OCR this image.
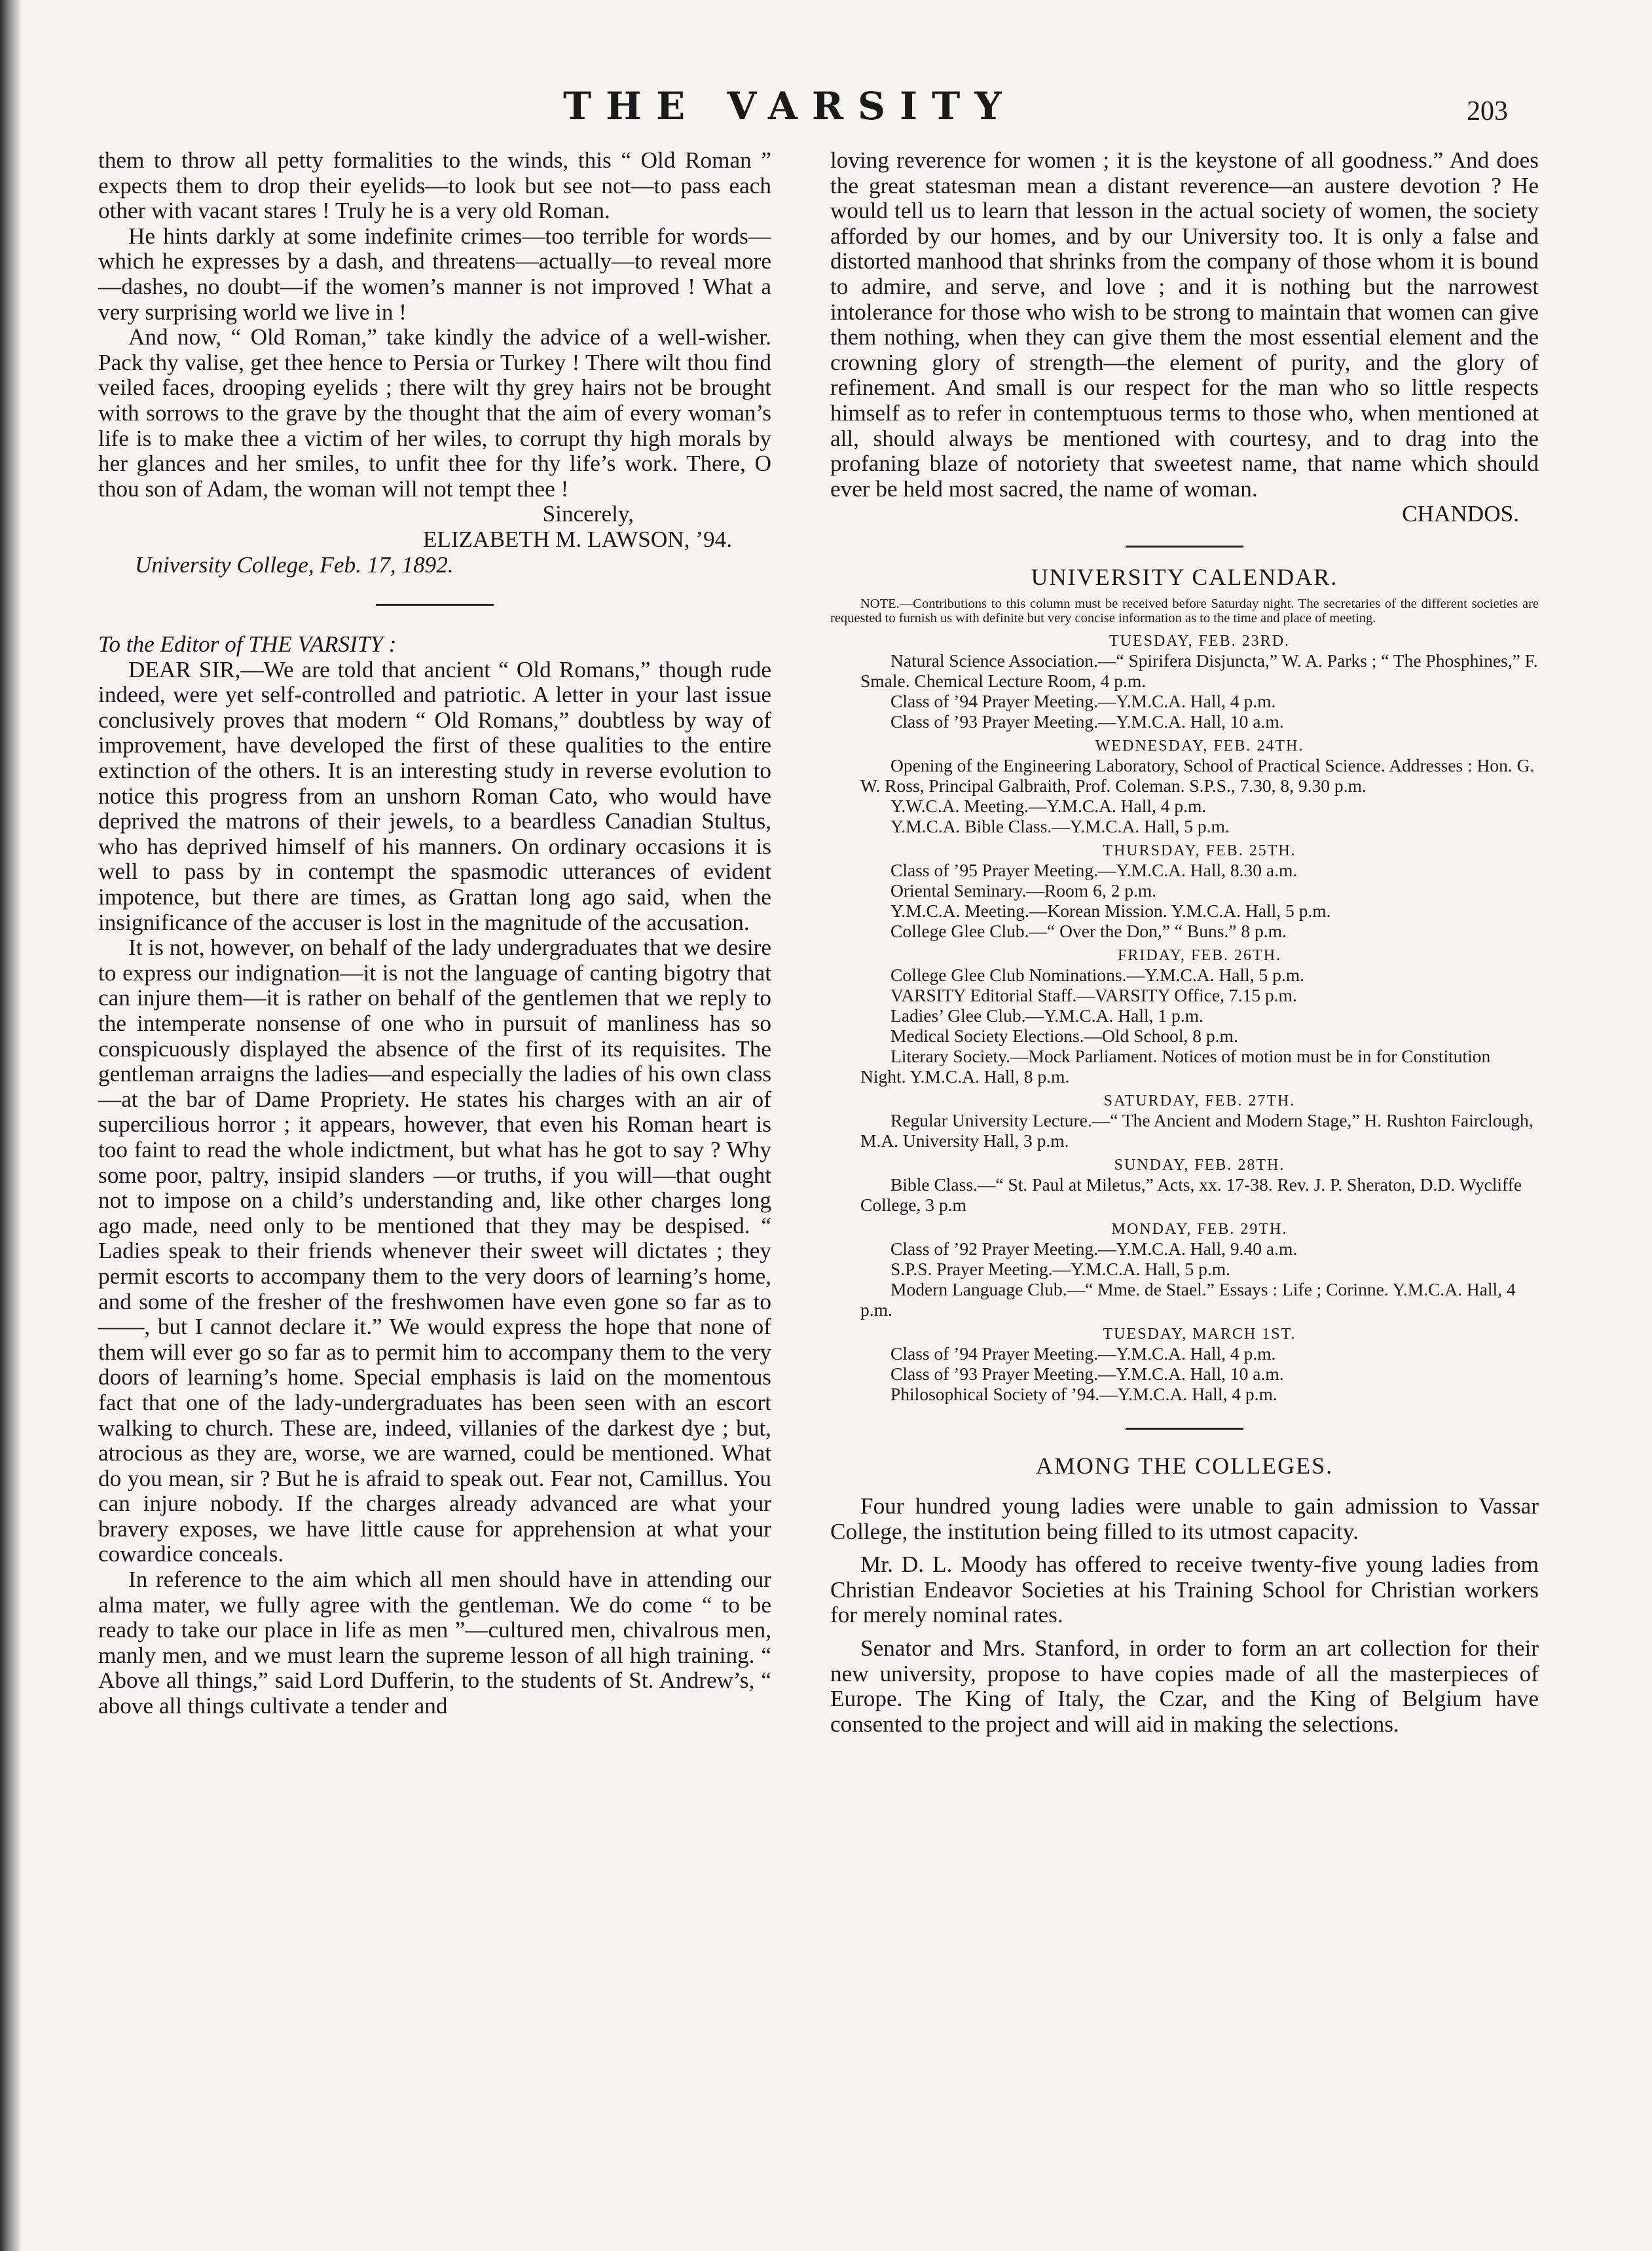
THE VARSITY	203

them to throw all petty formalities to the winds, this “ Old Roman ” expects them to drop their eyelids—to look but see not—to pass each other with vacant stares ! Truly he is a very old Roman.

He hints darkly at some indefinite crimes—too terrible for words—which he expresses by a dash, and threatens—actually—to reveal more—dashes, no doubt—if the women’s manner is not improved ! What a very surprising world we live in !

And now, “ Old Roman,” take kindly the advice of a well-wisher. Pack thy valise, get thee hence to Persia or Turkey ! There wilt thou find veiled faces, drooping eyelids ; there wilt thy grey hairs not be brought with sorrows to the grave by the thought that the aim of every woman’s life is to make thee a victim of her wiles, to corrupt thy high morals by her glances and her smiles, to unfit thee for thy life’s work. There, O thou son of Adam, the woman will not tempt thee !

Sincerely,
ELIZABETH M. LAWSON, ’94.
University College, Feb. 17, 1892.

To the Editor of THE VARSITY :

DEAR SIR,—We are told that ancient “ Old Romans,” though rude indeed, were yet self-controlled and patriotic. A letter in your last issue conclusively proves that modern “ Old Romans,” doubtless by way of improvement, have developed the first of these qualities to the entire extinction of the others. It is an interesting study in reverse evolution to notice this progress from an unshorn Roman Cato, who would have deprived the matrons of their jewels, to a beardless Canadian Stultus, who has deprived himself of his manners. On ordinary occasions it is well to pass by in contempt the spasmodic utterances of evident impotence, but there are times, as Grattan long ago said, when the insignificance of the accuser is lost in the magnitude of the accusation.

It is not, however, on behalf of the lady undergraduates that we desire to express our indignation—it is not the language of canting bigotry that can injure them—it is rather on behalf of the gentlemen that we reply to the intemperate nonsense of one who in pursuit of manliness has so conspicuously displayed the absence of the first of its requisites. The gentleman arraigns the ladies—and especially the ladies of his own class—at the bar of Dame Propriety. He states his charges with an air of supercilious horror ; it appears, however, that even his Roman heart is too faint to read the whole indictment, but what has he got to say ? Why some poor, paltry, insipid slanders —or truths, if you will—that ought not to impose on a child’s understanding and, like other charges long ago made, need only to be mentioned that they may be despised. “ Ladies speak to their friends whenever their sweet will dictates ; they permit escorts to accompany them to the very doors of learning’s home, and some of the fresher of the freshwomen have even gone so far as to ——, but I cannot declare it.” We would express the hope that none of them will ever go so far as to permit him to accompany them to the very doors of learning’s home. Special emphasis is laid on the momentous fact that one of the lady-undergraduates has been seen with an escort walking to church. These are, indeed, villanies of the darkest dye ; but, atrocious as they are, worse, we are warned, could be mentioned. What do you mean, sir ? But he is afraid to speak out. Fear not, Camillus. You can injure nobody. If the charges already advanced are what your bravery exposes, we have little cause for apprehension at what your cowardice conceals.

In reference to the aim which all men should have in attending our alma mater, we fully agree with the gentleman. We do come “ to be ready to take our place in life as men ”—cultured men, chivalrous men, manly men, and we must learn the supreme lesson of all high training. “ Above all things,” said Lord Dufferin, to the students of St. Andrew’s, “ above all things cultivate a tender and

loving reverence for women ; it is the keystone of all goodness.” And does the great statesman mean a distant reverence—an austere devotion ? He would tell us to learn that lesson in the actual society of women, the society afforded by our homes, and by our University too. It is only a false and distorted manhood that shrinks from the company of those whom it is bound to admire, and serve, and love ; and it is nothing but the narrowest intolerance for those who wish to be strong to maintain that women can give them nothing, when they can give them the most essential element and the crowning glory of strength—the element of purity, and the glory of refinement. And small is our respect for the man who so little respects himself as to refer in contemptuous terms to those who, when mentioned at all, should always be mentioned with courtesy, and to drag into the profaning blaze of notoriety that sweetest name, that name which should ever be held most sacred, the name of woman.

CHANDOS.
UNIVERSITY CALENDAR.

NOTE.—Contributions to this column must be received before Saturday night. The secretaries of the different societies are requested to furnish us with definite but very concise information as to the time and place of meeting.

TUESDAY, FEB. 23RD.

Natural Science Association.—“ Spirifera Disjuncta,” W. A. Parks ; “ The Phosphines,” F. Smale. Chemical Lecture Room, 4 p.m.

Class of ’94 Prayer Meeting.—Y.M.C.A. Hall, 4 p.m.

Class of ’93 Prayer Meeting.—Y.M.C.A. Hall, 10 a.m.

WEDNESDAY, FEB. 24TH.

Opening of the Engineering Laboratory, School of Practical Science. Addresses : Hon. G. W. Ross, Principal Galbraith, Prof. Coleman. S.P.S., 7.30, 8, 9.30 p.m.

Y.W.C.A. Meeting.—Y.M.C.A. Hall, 4 p.m.

Y.M.C.A. Bible Class.—Y.M.C.A. Hall, 5 p.m.

THURSDAY, FEB. 25TH.

Class of ’95 Prayer Meeting.—Y.M.C.A. Hall, 8.30 a.m.

Oriental Seminary.—Room 6, 2 p.m.

Y.M.C.A. Meeting.—Korean Mission. Y.M.C.A. Hall, 5 p.m.

College Glee Club.—“ Over the Don,” “ Buns.” 8 p.m.

FRIDAY, FEB. 26TH.

College Glee Club Nominations.—Y.M.C.A. Hall, 5 p.m.

VARSITY Editorial Staff.—VARSITY Office, 7.15 p.m.

Ladies’ Glee Club.—Y.M.C.A. Hall, 1 p.m.

Medical Society Elections.—Old School, 8 p.m.

Literary Society.—Mock Parliament. Notices of motion must be in for Constitution Night. Y.M.C.A. Hall, 8 p.m.

SATURDAY, FEB. 27TH.

Regular University Lecture.—“ The Ancient and Modern Stage,” H. Rushton Fairclough, M.A. University Hall, 3 p.m.

SUNDAY, FEB. 28TH.

Bible Class.—“ St. Paul at Miletus,” Acts, xx. 17-38. Rev. J. P. Sheraton, D.D. Wycliffe College, 3 p.m

MONDAY, FEB. 29TH.

Class of ’92 Prayer Meeting.—Y.M.C.A. Hall, 9.40 a.m.

S.P.S. Prayer Meeting.—Y.M.C.A. Hall, 5 p.m.

Modern Language Club.—“ Mme. de Stael.” Essays : Life ; Corinne. Y.M.C.A. Hall, 4 p.m.

TUESDAY, MARCH 1ST.

Class of ’94 Prayer Meeting.—Y.M.C.A. Hall, 4 p.m.

Class of ’93 Prayer Meeting.—Y.M.C.A. Hall, 10 a.m.

Philosophical Society of ’94.—Y.M.C.A. Hall, 4 p.m.

AMONG THE COLLEGES.

Four hundred young ladies were unable to gain admission to Vassar College, the institution being filled to its utmost capacity.

Mr. D. L. Moody has offered to receive twenty-five young ladies from Christian Endeavor Societies at his Training School for Christian workers for merely nominal rates.

Senator and Mrs. Stanford, in order to form an art collection for their new university, propose to have copies made of all the masterpieces of Europe. The King of Italy, the Czar, and the King of Belgium have consented to the project and will aid in making the selections.
